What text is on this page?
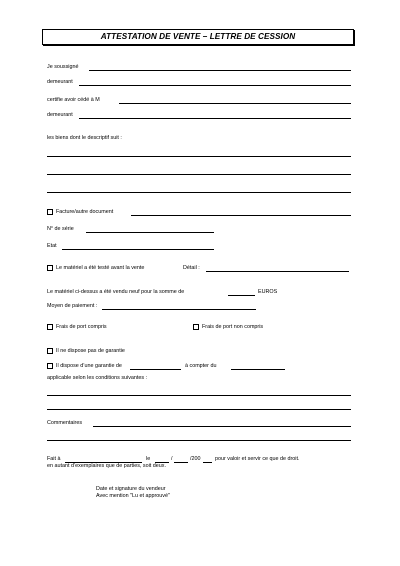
ATTESTATION DE VENTE – LETTRE DE CESSION
Je soussigné
demeurant
certifie avoir cédé à M
demeurant
les biens dont le descriptif suit :
Facture/autre document
N° de série
Etat
Le matériel a été testé avant la vente	Détail :
Le matériel ci-dessus a été vendu neuf pour la somme de	EUROS
Moyen de paiement :
Frais de port compris	Frais de port non compris
Il ne dispose pas de garantie
Il dispose d’une garantie de	à compter du
applicable selon les conditions suivantes :
Commentaires
Fait à	le	/	/200	pour valoir et servir ce que de droit.
en autant d’exemplaires que de parties, soit deux.
Date et signature du vendeur
Avec mention "Lu et approuvé"
